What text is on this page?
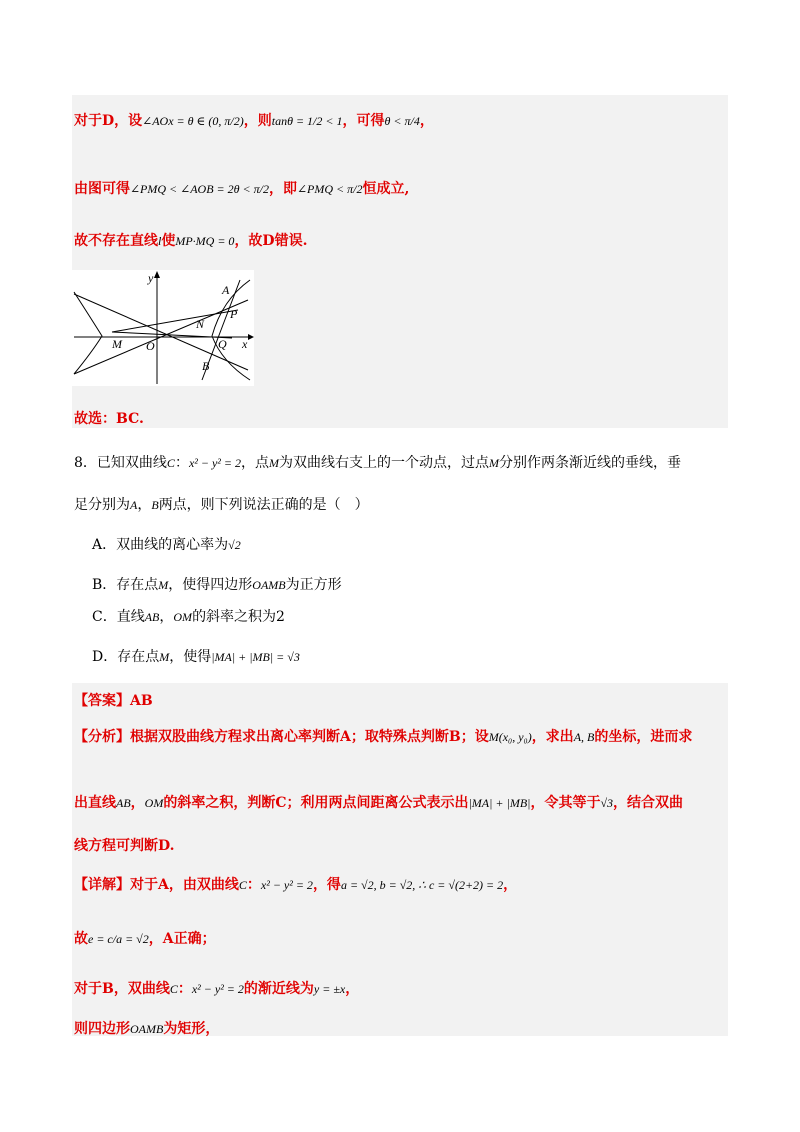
对于D，设∠AOx = θ ∈ (0, π/2)，则tanθ = 1/2 < 1，可得θ < π/4，
由图可得∠PMQ < ∠AOB = 2θ < π/2，即∠PMQ < π/2恒成立,
故不存在直线l使MP·MQ = 0，故D错误.
y
x
A
P
N
M O	Q
B
故选：BC.
8．已知双曲线C：x² − y² = 2，点M为双曲线右支上的一个动点，过点M分别作两条渐近线的垂线，垂
足分别为A，B两点，则下列说法正确的是（　）
A．双曲线的离心率为√2
B．存在点M，使得四边形OAMB为正方形
C．直线AB，OM的斜率之积为2
D．存在点M，使得|MA| + |MB| = √3
【答案】AB
【分析】根据双股曲线方程求出离心率判断A；取特殊点判断B；设M(x₀, y₀)，求出A, B的坐标，进而求
出直线AB，OM的斜率之积，判断C；利用两点间距离公式表示出|MA| + |MB|，令其等于√3，结合双曲
线方程可判断D.
【详解】对于A，由双曲线C：x² − y² = 2，得a = √2, b = √2, ∴ c = √(2+2) = 2，
故e = c/a = √2，A正确；
对于B，双曲线C：x² − y² = 2的渐近线为y = ±x，
则四边形OAMB为矩形，
